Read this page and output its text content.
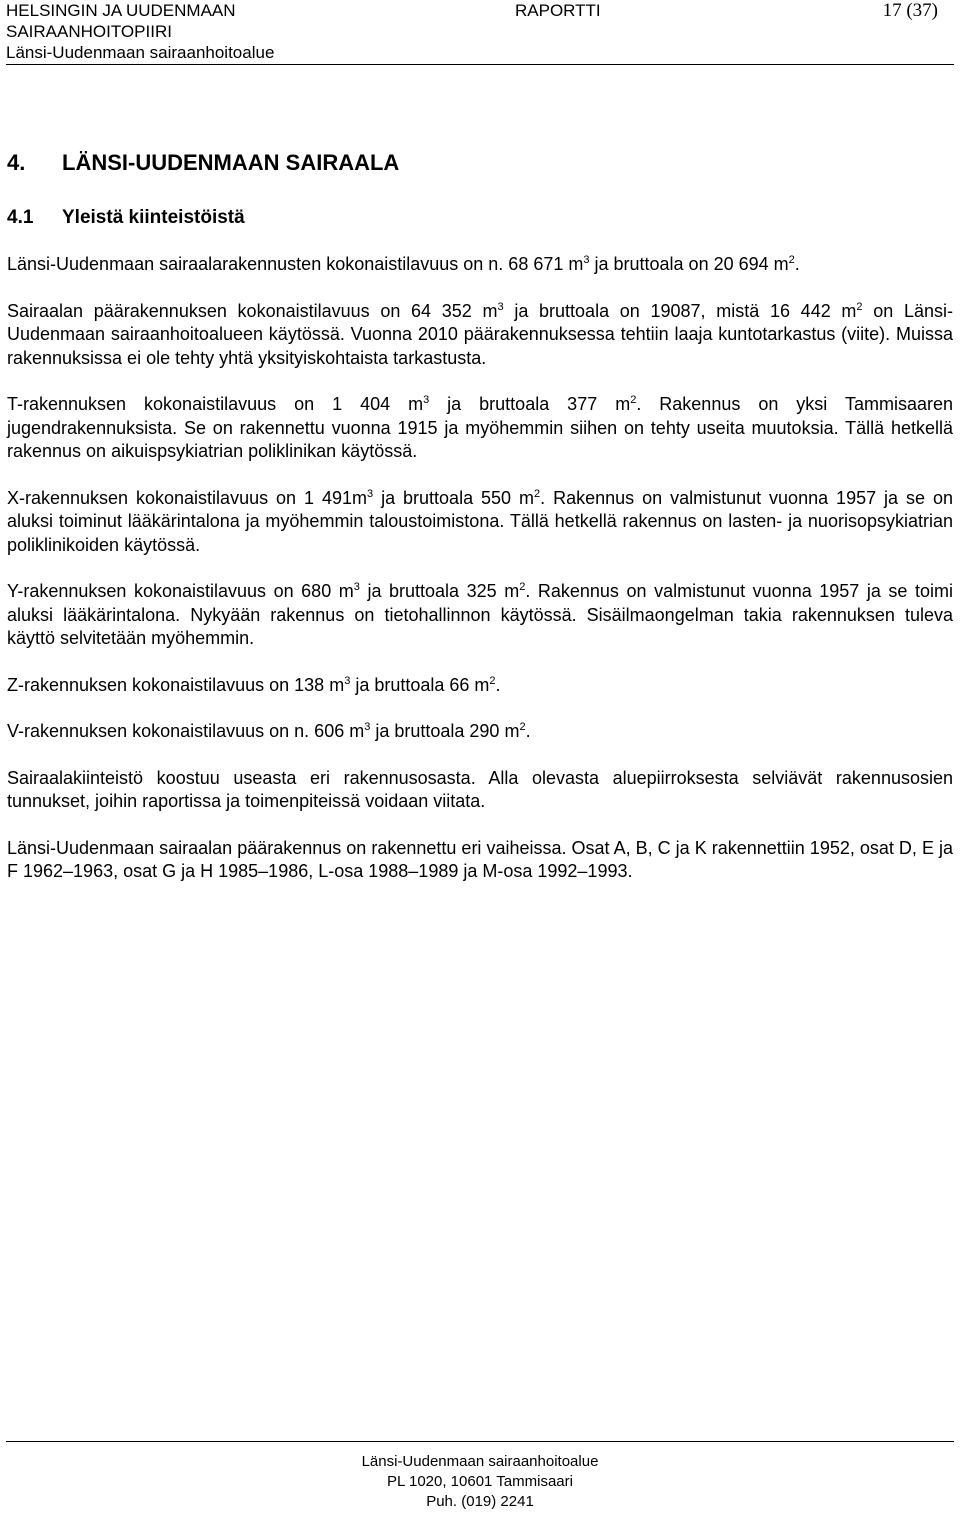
HELSINGIN JA UUDENMAAN
SAIRAANHOITOPIIRI
Länsi-Uudenmaan sairaanhoitoalue
RAPORTTI	17 (37)
4. LÄNSI-UUDENMAAN SAIRAALA
4.1 Yleistä kiinteistöistä

Länsi-Uudenmaan sairaalarakennusten kokonaistilavuus on n. 68 671 $m^3$ ja bruttoala on 20 694 $m^2$.

Sairaalan päärakennuksen kokonaistilavuus on 64 352 $m^3$ ja bruttoala on 19087, mistä 16 442 $m^2$ on Länsi-Uudenmaan sairaanhoitoalueen käytössä. Vuonna 2010 päärakennuksessa tehtiin laaja kuntotarkastus (viite). Muissa rakennuksissa ei ole tehty yhtä yksityiskohtaista tarkastusta.

T-rakennuksen kokonaistilavuus on 1 404 $m^3$ ja bruttoala 377 $m^2$. Rakennus on yksi Tammisaaren jugendrakennuksista. Se on rakennettu vuonna 1915 ja myöhemmin siihen on tehty useita muutoksia. Tällä hetkellä rakennus on aikuispsykiatrian poliklinikan käytössä.

X-rakennuksen kokonaistilavuus on 1 $491m^3$ ja bruttoala 550 $m^2$. Rakennus on valmistunut vuonna 1957 ja se on aluksi toiminut lääkärintalona ja myöhemmin taloustoimistona. Tällä hetkellä rakennus on lasten- ja nuorisopsykiatrian poliklinikoiden käytössä.

Y-rakennuksen kokonaistilavuus on 680 $m^3$ ja bruttoala 325 $m^2$. Rakennus on valmistunut vuonna 1957 ja se toimi aluksi lääkärintalona. Nykyään rakennus on tietohallinnon käytössä. Sisäilmaongelman takia rakennuksen tuleva käyttö selvitetään myöhemmin.

Z-rakennuksen kokonaistilavuus on 138 $m^3$ ja bruttoala 66 $m^2$.

V-rakennuksen kokonaistilavuus on n. 606 $m^3$ ja bruttoala 290 $m^2$.

Sairaalakiinteistö koostuu useasta eri rakennusosasta. Alla olevasta aluepiirroksesta selviävät rakennusosien tunnukset, joihin raportissa ja toimenpiteissä voidaan viitata.

Länsi-Uudenmaan sairaalan päärakennus on rakennettu eri vaiheissa. Osat A, B, C ja K rakennettiin 1952, osat D, E ja F 1962–1963, osat G ja H 1985–1986, L-osa 1988–1989 ja M-osa 1992–1993.

Länsi-Uudenmaan sairaanhoitoalue
PL 1020, 10601 Tammisaari
Puh. (019) 2241
